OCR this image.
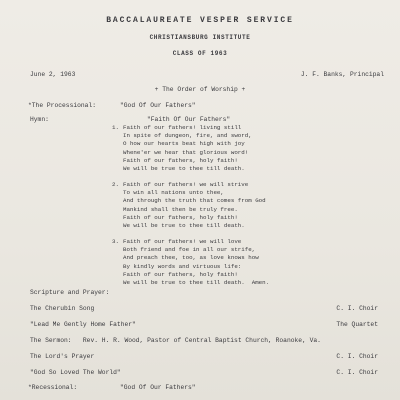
BACCALAUREATE VESPER SERVICE
CHRISTIANSBURG INSTITUTE
CLASS OF 1963
June 2, 1963	J. F. Banks, Principal
+ The Order of Worship +
*The Processional:	"God Of Our Fathers"
Hymn:	"Faith Of Our Fathers"
1. Faith of our fathers! living still
In spite of dungeon, fire, and sword,
O how our hearts beat high with joy
Whene'er we hear that glorious word!
Faith of our fathers, holy faith!
We will be true to thee till death.
2. Faith of our fathers! we will strive
To win all nations unto thee,
And through the truth that comes from God
Mankind shall then be truly free.
Faith of our fathers, holy faith!
We will be true to thee till death.
3. Faith of our fathers! we will love
Both friend and foe in all our strife,
And preach thee, too, as love knows how
By kindly words and virtuous life:
Faith of our fathers, holy faith!
We will be true to thee till death.  Amen.
Scripture and Prayer:
The Cherubin Song	C. I. Choir
"Lead Me Gently Home Father"	The Quartet
The Sermon:   Rev. H. R. Wood, Pastor of Central Baptist Church, Roanoke, Va.
The Lord's Prayer	C. I. Choir
"God So Loved The World"	C. I. Choir
*Recessional:	"God Of Our Fathers"
